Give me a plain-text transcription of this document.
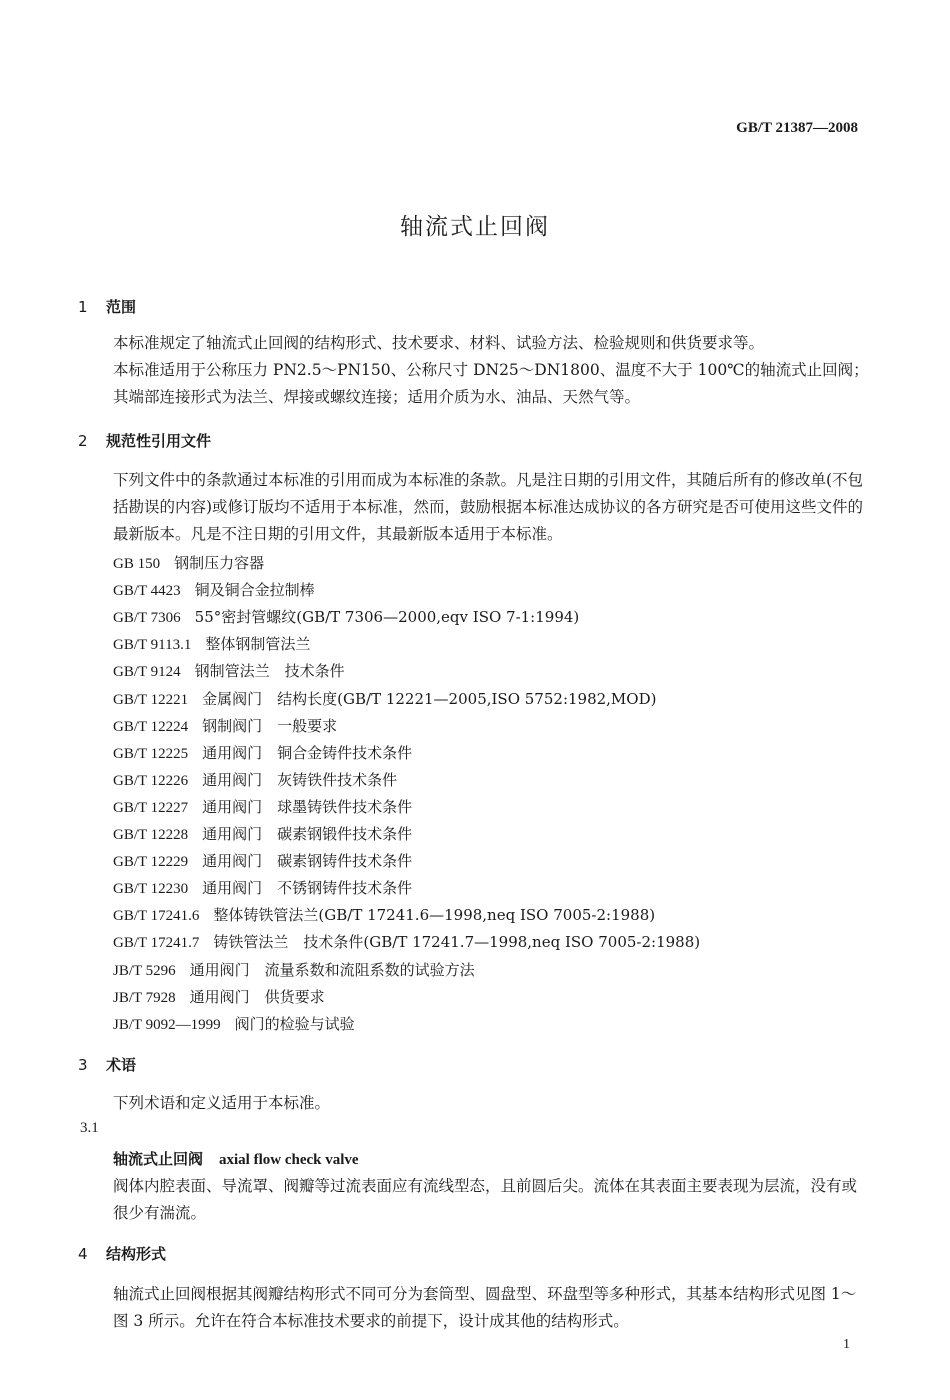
GB/T 21387—2008
轴流式止回阀
1 范围
本标准规定了轴流式止回阀的结构形式、技术要求、材料、试验方法、检验规则和供货要求等。
本标准适用于公称压力 PN2.5～PN150、公称尺寸 DN25～DN1800、温度不大于 100℃的轴流式止回阀；其端部连接形式为法兰、焊接或螺纹连接；适用介质为水、油品、天然气等。
2 规范性引用文件
下列文件中的条款通过本标准的引用而成为本标准的条款。凡是注日期的引用文件，其随后所有的修改单(不包括勘误的内容)或修订版均不适用于本标准，然而，鼓励根据本标准达成协议的各方研究是否可使用这些文件的最新版本。凡是不注日期的引用文件，其最新版本适用于本标准。
GB 150 钢制压力容器
GB/T 4423 铜及铜合金拉制棒
GB/T 7306 55°密封管螺纹(GB/T 7306—2000,eqv ISO 7-1:1994)
GB/T 9113.1 整体钢制管法兰
GB/T 9124 钢制管法兰　技术条件
GB/T 12221 金属阀门　结构长度(GB/T 12221—2005,ISO 5752:1982,MOD)
GB/T 12224 钢制阀门　一般要求
GB/T 12225 通用阀门　铜合金铸件技术条件
GB/T 12226 通用阀门　灰铸铁件技术条件
GB/T 12227 通用阀门　球墨铸铁件技术条件
GB/T 12228 通用阀门　碳素钢锻件技术条件
GB/T 12229 通用阀门　碳素钢铸件技术条件
GB/T 12230 通用阀门　不锈钢铸件技术条件
GB/T 17241.6 整体铸铁管法兰(GB/T 17241.6—1998,neq ISO 7005-2:1988)
GB/T 17241.7 铸铁管法兰　技术条件(GB/T 17241.7—1998,neq ISO 7005-2:1988)
JB/T 5296 通用阀门　流量系数和流阻系数的试验方法
JB/T 7928 通用阀门　供货要求
JB/T 9092—1999 阀门的检验与试验
3 术语
下列术语和定义适用于本标准。
3.1
轴流式止回阀 axial flow check valve
阀体内腔表面、导流罩、阀瓣等过流表面应有流线型态，且前圆后尖。流体在其表面主要表现为层流，没有或很少有湍流。
4 结构形式
轴流式止回阀根据其阀瓣结构形式不同可分为套筒型、圆盘型、环盘型等多种形式，其基本结构形式见图 1～图 3 所示。允许在符合本标准技术要求的前提下，设计成其他的结构形式。
1
